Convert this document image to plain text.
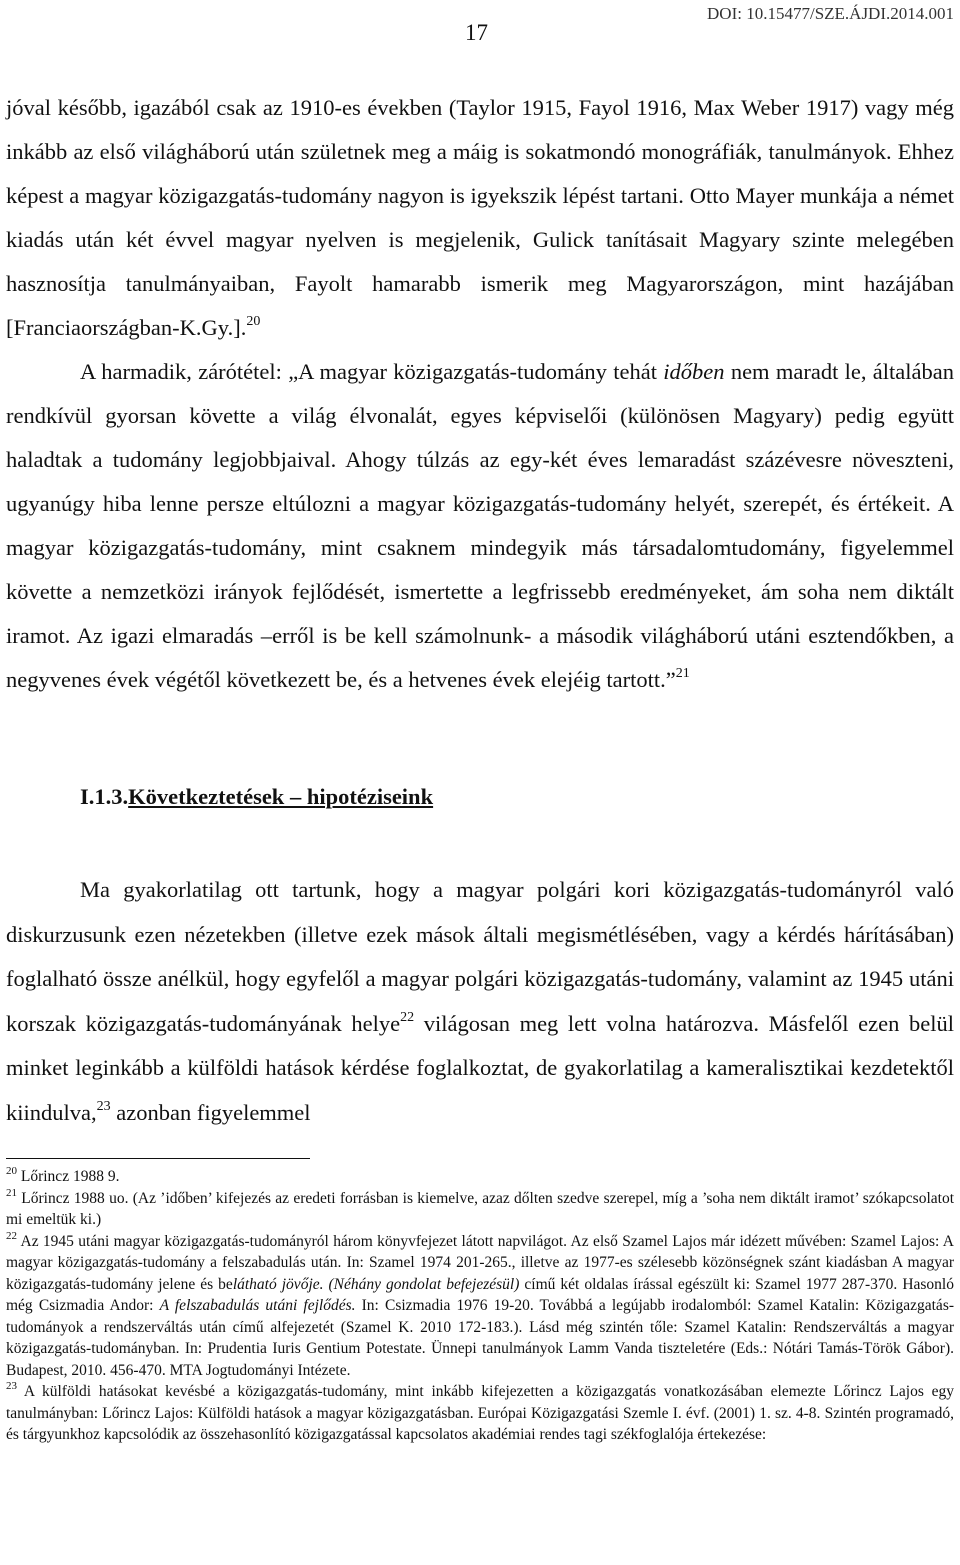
17
DOI: 10.15477/SZE.ÁJDI.2014.001

jóval később, igazából csak az 1910-es években (Taylor 1915, Fayol 1916, Max Weber 1917) vagy még inkább az első világháború után születnek meg a máig is sokatmondó monográfiák, tanulmányok. Ehhez képest a magyar közigazgatás-tudomány nagyon is igyekszik lépést tartani. Otto Mayer munkája a német kiadás után két évvel magyar nyelven is megjelenik, Gulick tanításait Magyary szinte melegében hasznosítja tanulmányaiban, Fayolt hamarabb ismerik meg Magyarországon, mint hazájában [Franciaországban-K.Gy.].$^{20}$

A harmadik, zárótétel: „A magyar közigazgatás-tudomány tehát időben nem maradt le, általában rendkívül gyorsan követte a világ élvonalát, egyes képviselői (különösen Magyary) pedig együtt haladtak a tudomány legjobbjaival. Ahogy túlzás az egy-két éves lemaradást százévesre növeszteni, ugyanúgy hiba lenne persze eltúlozni a magyar közigazgatás-tudomány helyét, szerepét, és értékeit. A magyar közigazgatás-tudomány, mint csaknem mindegyik más társadalomtudomány, figyelemmel követte a nemzetközi irányok fejlődését, ismertette a legfrissebb eredményeket, ám soha nem diktált iramot. Az igazi elmaradás –erről is be kell számolnunk- a második világháború utáni esztendőkben, a negyvenes évek végétől következett be, és a hetvenes évek elejéig tartott.”$^{21}$

I.1.3.Következtetések – hipotéziseink

Ma gyakorlatilag ott tartunk, hogy a magyar polgári kori közigazgatás-tudományról való diskurzusunk ezen nézetekben (illetve ezek mások általi megismétlésében, vagy a kérdés hárításában) foglalható össze anélkül, hogy egyfelől a magyar polgári közigazgatás-tudomány, valamint az 1945 utáni korszak közigazgatás-tudományának helye$^{22}$ világosan meg lett volna határozva. Másfelől ezen belül minket leginkább a külföldi hatások kérdése foglalkoztat, de gyakorlatilag a kameralisztikai kezdetektől kiindulva,$^{23}$ azonban figyelemmel

$^{20}$ Lőrincz 1988 9.

$^{21}$ Lőrincz 1988 uo. (Az ’időben’ kifejezés az eredeti forrásban is kiemelve, azaz dőlten szedve szerepel, míg a ’soha nem diktált iramot’ szókapcsolatot mi emeltük ki.)

$^{22}$ Az 1945 utáni magyar közigazgatás-tudományról három könyvfejezet látott napvilágot. Az első Szamel Lajos már idézett művében: Szamel Lajos: A magyar közigazgatás-tudomány a felszabadulás után. In: Szamel 1974 201-265., illetve az 1977-es szélesebb közönségnek szánt kiadásban A magyar közigazgatás-tudomány jelene és belátható jövője. (Néhány gondolat befejezésül) című két oldalas írással egészült ki: Szamel 1977 287-370. Hasonló még Csizmadia Andor: A felszabadulás utáni fejlődés. In: Csizmadia 1976 19-20. Továbbá a legújabb irodalomból: Szamel Katalin: Közigazgatás-tudományok a rendszerváltás után című alfejezetét (Szamel K. 2010 172-183.). Lásd még szintén tőle: Szamel Katalin: Rendszerváltás a magyar közigazgatás-tudományban. In: Prudentia Iuris Gentium Potestate. Ünnepi tanulmányok Lamm Vanda tiszteletére (Eds.: Nótári Tamás-Török Gábor). Budapest, 2010. 456-470. MTA Jogtudományi Intézete.

$^{23}$ A külföldi hatásokat kevésbé a közigazgatás-tudomány, mint inkább kifejezetten a közigazgatás vonatkozásában elemezte Lőrincz Lajos egy tanulmányban: Lőrincz Lajos: Külföldi hatások a magyar közigazgatásban. Európai Közigazgatási Szemle I. évf. (2001) 1. sz. 4-8. Szintén programadó, és tárgyunkhoz kapcsolódik az összehasonlító közigazgatással kapcsolatos akadémiai rendes tagi székfoglalója értekezése:
